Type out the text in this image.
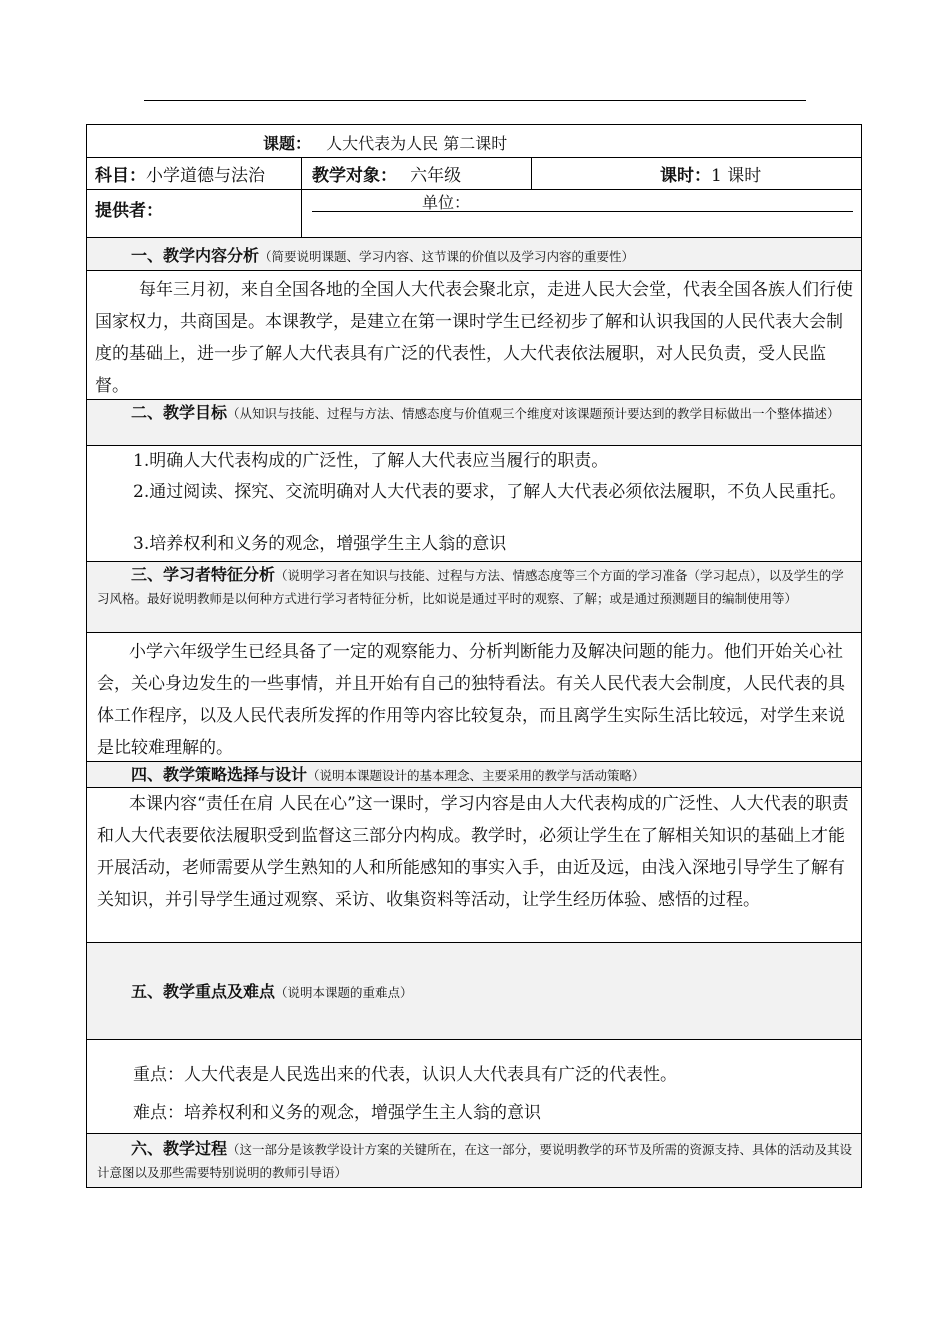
课题： 人大代表为人民 第二课时
科目：小学道德与法治	教学对象： 六年级	课时：1 课时
提供者：	单位：
一、教学内容分析（简要说明课题、学习内容、这节课的价值以及学习内容的重要性）

每年三月初，来自全国各地的全国人大代表会聚北京，走进人民大会堂，代表全国各族人们行使国家权力，共商国是。本课教学，是建立在第一课时学生已经初步了解和认识我国的人民代表大会制度的基础上，进一步了解人大代表具有广泛的代表性，人大代表依法履职，对人民负责，受人民监督。

二、教学目标（从知识与技能、过程与方法、情感态度与价值观三个维度对该课题预计要达到的教学目标做出一个整体描述）

1.明确人大代表构成的广泛性，了解人大代表应当履行的职责。

2.通过阅读、探究、交流明确对人大代表的要求，了解人大代表必须依法履职，不负人民重托。

3.培养权利和义务的观念，增强学生主人翁的意识

三、学习者特征分析（说明学习者在知识与技能、过程与方法、情感态度等三个方面的学习准备（学习起点），以及学生的学习风格。最好说明教师是以何种方式进行学习者特征分析，比如说是通过平时的观察、了解；或是通过预测题目的编制使用等）

小学六年级学生已经具备了一定的观察能力、分析判断能力及解决问题的能力。他们开始关心社会，关心身边发生的一些事情，并且开始有自己的独特看法。有关人民代表大会制度，人民代表的具体工作程序，以及人民代表所发挥的作用等内容比较复杂，而且离学生实际生活比较远，对学生来说是比较难理解的。

四、教学策略选择与设计（说明本课题设计的基本理念、主要采用的教学与活动策略）

本课内容“责任在肩 人民在心”这一课时，学习内容是由人大代表构成的广泛性、人大代表的职责和人大代表要依法履职受到监督这三部分内构成。教学时，必须让学生在了解相关知识的基础上才能开展活动，老师需要从学生熟知的人和所能感知的事实入手，由近及远，由浅入深地引导学生了解有关知识，并引导学生通过观察、采访、收集资料等活动，让学生经历体验、感悟的过程。

五、教学重点及难点（说明本课题的重难点）

重点：人大代表是人民选出来的代表，认识人大代表具有广泛的代表性。

难点：培养权利和义务的观念，增强学生主人翁的意识

六、教学过程（这一部分是该教学设计方案的关键所在，在这一部分，要说明教学的环节及所需的资源支持、具体的活动及其设计意图以及那些需要特别说明的教师引导语）
